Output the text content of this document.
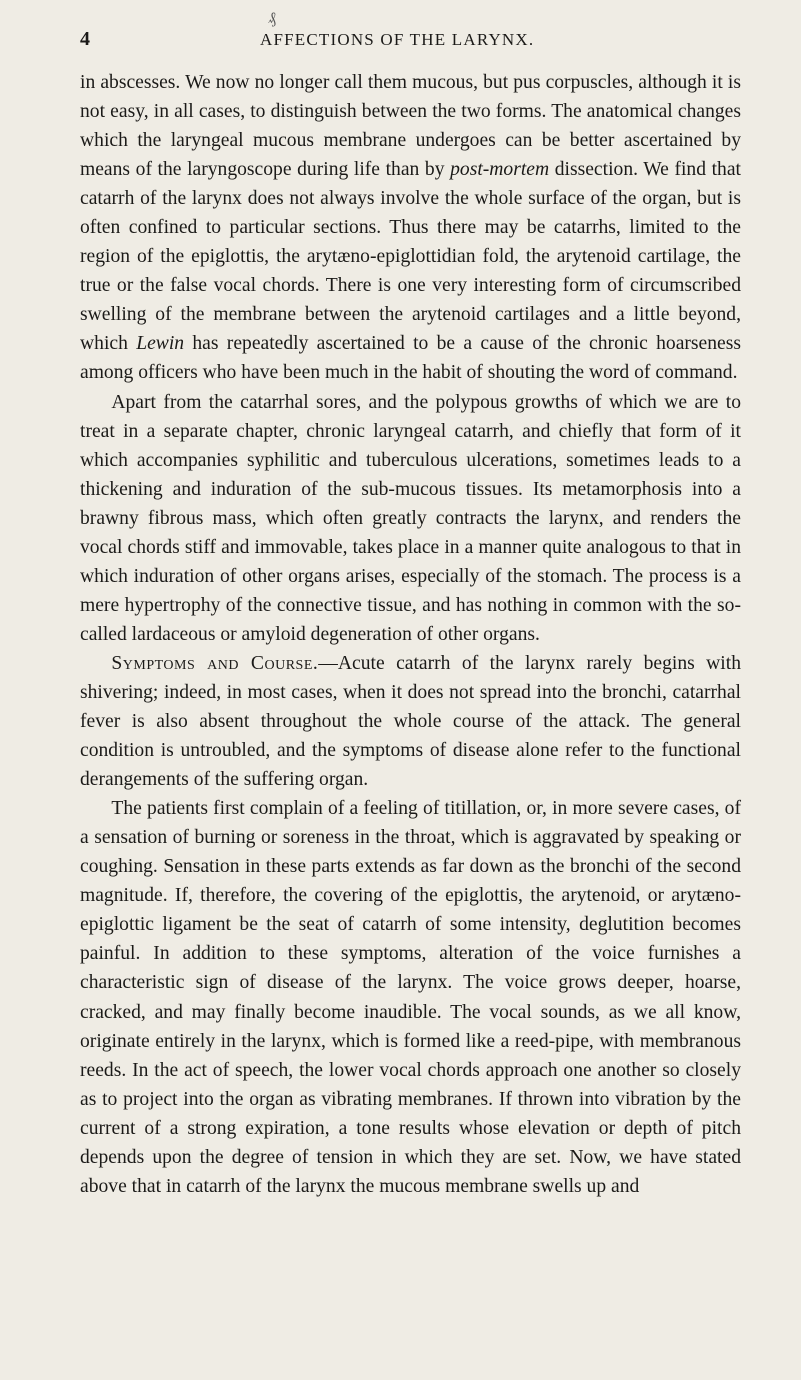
4
₰
AFFECTIONS OF THE LARYNX.

in abscesses. We now no longer call them mucous, but pus corpuscles, although it is not easy, in all cases, to distinguish between the two forms. The anatomical changes which the laryngeal mucous membrane undergoes can be better ascertained by means of the laryngoscope during life than by post-mortem dissection. We find that catarrh of the larynx does not always involve the whole surface of the organ, but is often confined to particular sections. Thus there may be catarrhs, limited to the region of the epiglottis, the arytæno-epiglottidian fold, the arytenoid cartilage, the true or the false vocal chords. There is one very interesting form of circumscribed swelling of the membrane between the arytenoid cartilages and a little beyond, which Lewin has repeatedly ascertained to be a cause of the chronic hoarseness among officers who have been much in the habit of shouting the word of command.

Apart from the catarrhal sores, and the polypous growths of which we are to treat in a separate chapter, chronic laryngeal catarrh, and chiefly that form of it which accompanies syphilitic and tuberculous ulcerations, sometimes leads to a thickening and induration of the sub-mucous tissues. Its metamorphosis into a brawny fibrous mass, which often greatly contracts the larynx, and renders the vocal chords stiff and immovable, takes place in a manner quite analogous to that in which induration of other organs arises, especially of the stomach. The process is a mere hypertrophy of the connective tissue, and has nothing in common with the so-called lardaceous or amyloid degeneration of other organs.

Symptoms and Course.—Acute catarrh of the larynx rarely begins with shivering; indeed, in most cases, when it does not spread into the bronchi, catarrhal fever is also absent throughout the whole course of the attack. The general condition is untroubled, and the symptoms of disease alone refer to the functional derangements of the suffering organ.

The patients first complain of a feeling of titillation, or, in more severe cases, of a sensation of burning or soreness in the throat, which is aggravated by speaking or coughing. Sensation in these parts extends as far down as the bronchi of the second magnitude. If, therefore, the covering of the epiglottis, the arytenoid, or arytæno-epiglottic ligament be the seat of catarrh of some intensity, deglutition becomes painful. In addition to these symptoms, alteration of the voice furnishes a characteristic sign of disease of the larynx. The voice grows deeper, hoarse, cracked, and may finally become inaudible. The vocal sounds, as we all know, originate entirely in the larynx, which is formed like a reed-pipe, with membranous reeds. In the act of speech, the lower vocal chords approach one another so closely as to project into the organ as vibrating membranes. If thrown into vibration by the current of a strong expiration, a tone results whose elevation or depth of pitch depends upon the degree of tension in which they are set. Now, we have stated above that in catarrh of the larynx the mucous membrane swells up and
